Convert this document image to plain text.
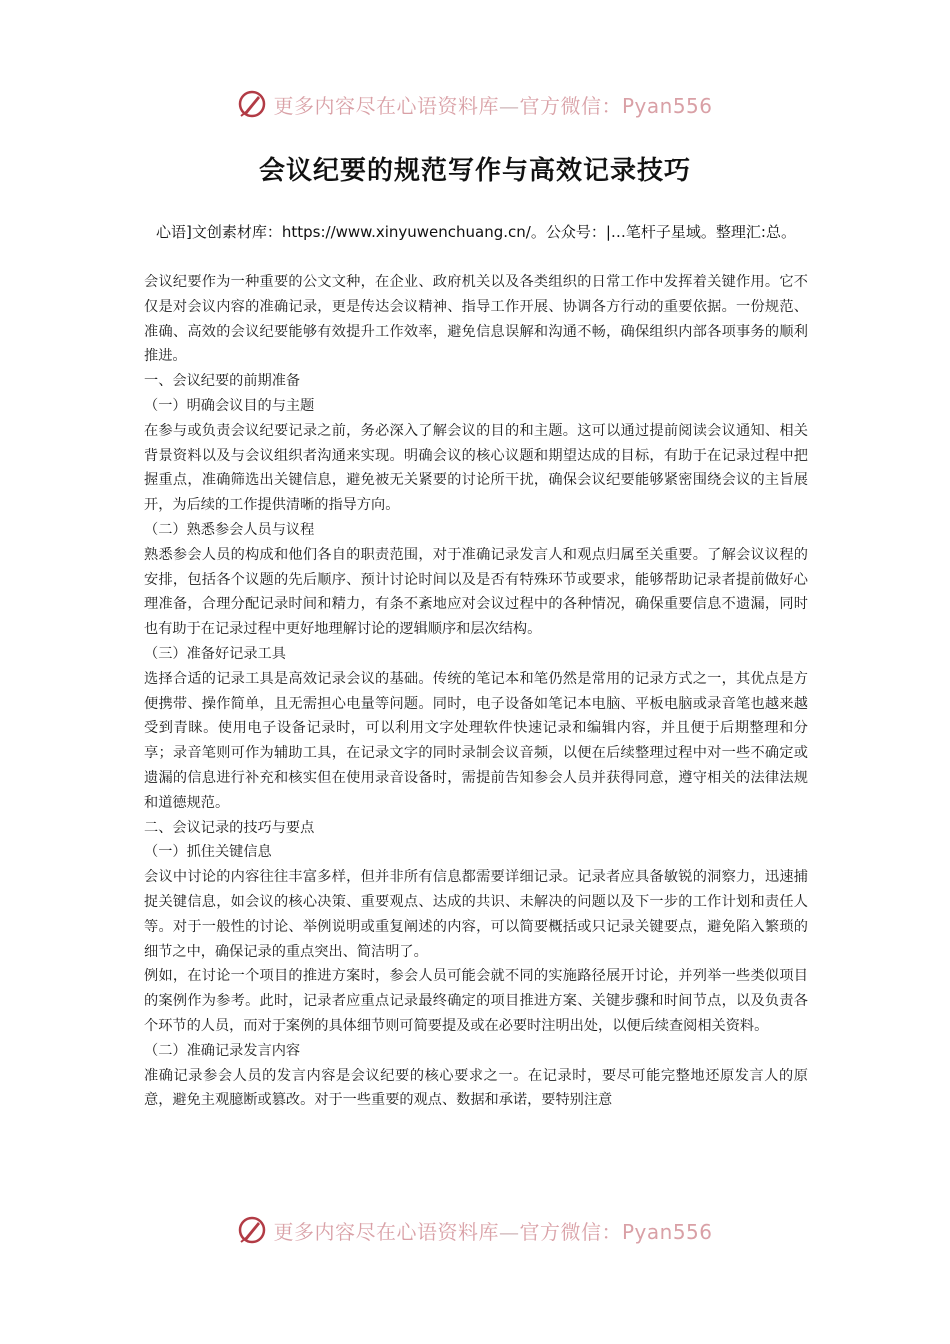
更多内容尽在心语资料库—官方微信：Pyan556
会议纪要的规范写作与高效记录技巧
心语]文创素材库：https://www.xinyuwenchuang.cn/。公众号：|…笔杆子星域。整理汇:总。

会议纪要作为一种重要的公文文种，在企业、政府机关以及各类组织的日常工作中发挥着关键作用。它不仅是对会议内容的准确记录，更是传达会议精神、指导工作开展、协调各方行动的重要依据。一份规范、准确、高效的会议纪要能够有效提升工作效率，避免信息误解和沟通不畅，确保组织内部各项事务的顺利推进。

一、会议纪要的前期准备

（一）明确会议目的与主题

在参与或负责会议纪要记录之前，务必深入了解会议的目的和主题。这可以通过提前阅读会议通知、相关背景资料以及与会议组织者沟通来实现。明确会议的核心议题和期望达成的目标，有助于在记录过程中把握重点，准确筛选出关键信息，避免被无关紧要的讨论所干扰，确保会议纪要能够紧密围绕会议的主旨展开，为后续的工作提供清晰的指导方向。

（二）熟悉参会人员与议程

熟悉参会人员的构成和他们各自的职责范围，对于准确记录发言人和观点归属至关重要。了解会议议程的安排，包括各个议题的先后顺序、预计讨论时间以及是否有特殊环节或要求，能够帮助记录者提前做好心理准备，合理分配记录时间和精力，有条不紊地应对会议过程中的各种情况，确保重要信息不遗漏，同时也有助于在记录过程中更好地理解讨论的逻辑顺序和层次结构。

（三）准备好记录工具

选择合适的记录工具是高效记录会议的基础。传统的笔记本和笔仍然是常用的记录方式之一，其优点是方便携带、操作简单，且无需担心电量等问题。同时，电子设备如笔记本电脑、平板电脑或录音笔也越来越受到青睐。使用电子设备记录时，可以利用文字处理软件快速记录和编辑内容，并且便于后期整理和分享；录音笔则可作为辅助工具，在记录文字的同时录制会议音频，以便在后续整理过程中对一些不确定或遗漏的信息进行补充和核实但在使用录音设备时，需提前告知参会人员并获得同意，遵守相关的法律法规和道德规范。

二、会议记录的技巧与要点

（一）抓住关键信息

会议中讨论的内容往往丰富多样，但并非所有信息都需要详细记录。记录者应具备敏锐的洞察力，迅速捕捉关键信息，如会议的核心决策、重要观点、达成的共识、未解决的问题以及下一步的工作计划和责任人等。对于一般性的讨论、举例说明或重复阐述的内容，可以简要概括或只记录关键要点，避免陷入繁琐的细节之中，确保记录的重点突出、简洁明了。

例如，在讨论一个项目的推进方案时，参会人员可能会就不同的实施路径展开讨论，并列举一些类似项目的案例作为参考。此时，记录者应重点记录最终确定的项目推进方案、关键步骤和时间节点，以及负责各个环节的人员，而对于案例的具体细节则可简要提及或在必要时注明出处，以便后续查阅相关资料。

（二）准确记录发言内容

准确记录参会人员的发言内容是会议纪要的核心要求之一。在记录时，要尽可能完整地还原发言人的原意，避免主观臆断或篡改。对于一些重要的观点、数据和承诺，要特别注意

更多内容尽在心语资料库—官方微信：Pyan556
